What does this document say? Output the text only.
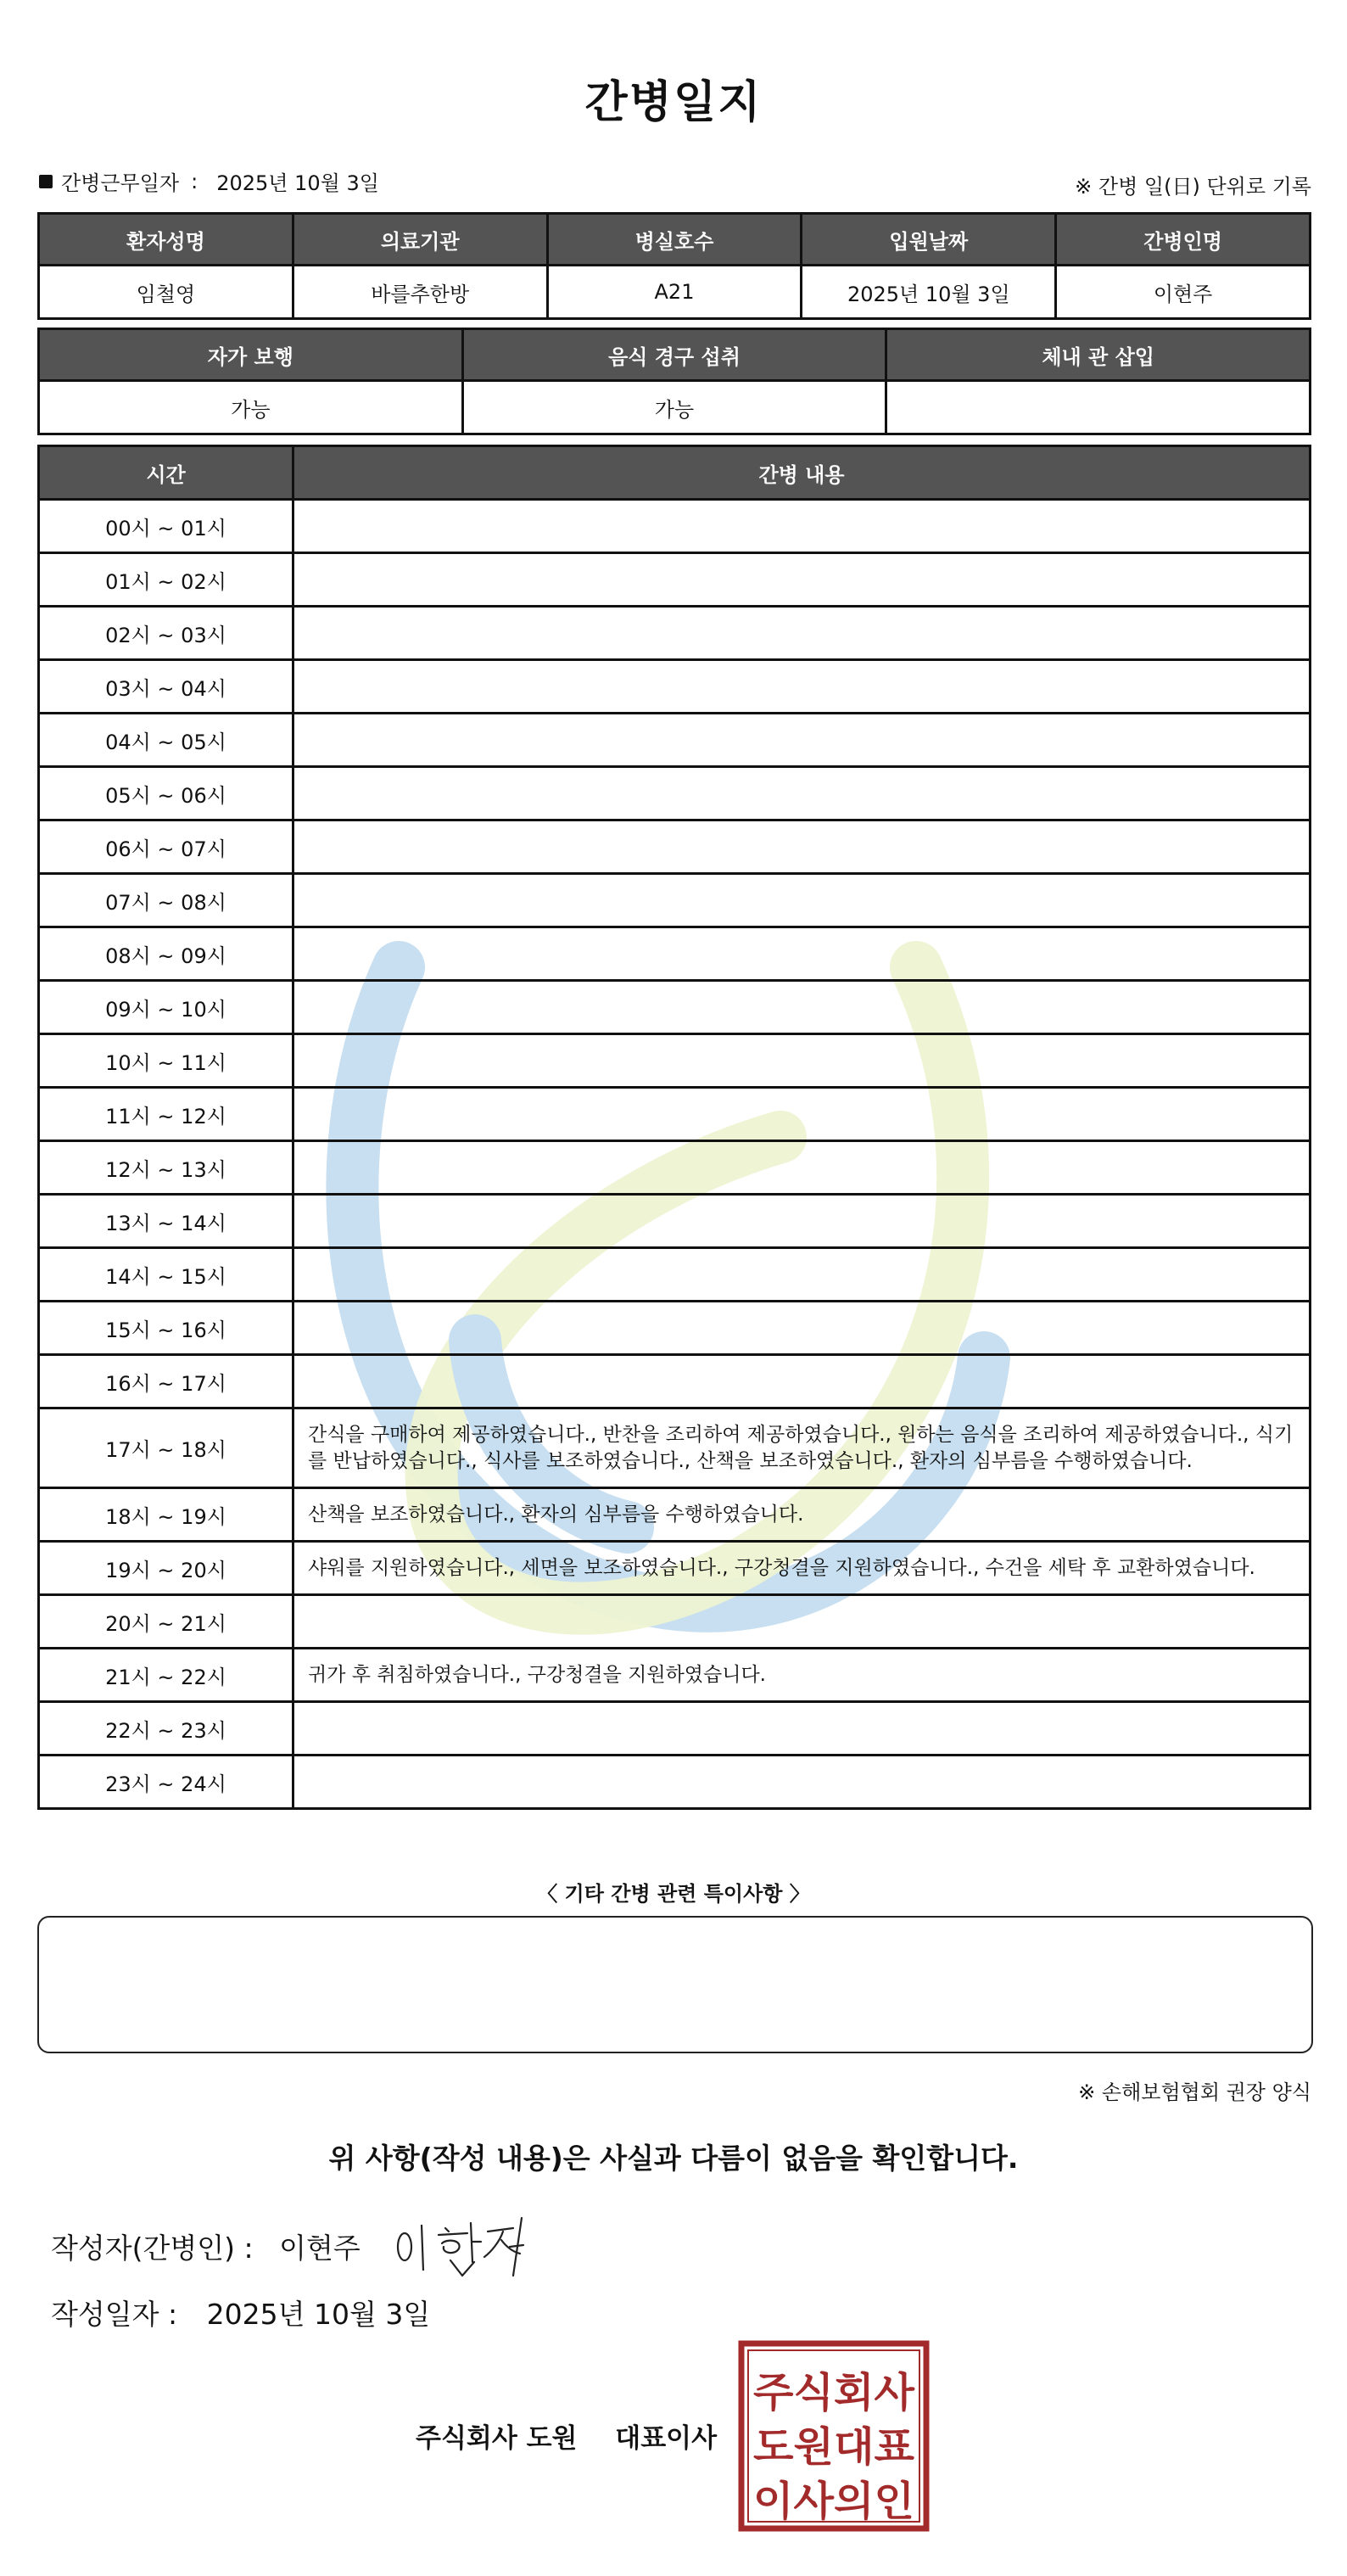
간병일지
간병근무일자 : 2025년 10월 3일	※ 간병 일(日) 단위로 기록
환자성명	의료기관	병실호수	입원날짜	간병인명
임철영	바를추한방	A21	2025년 10월 3일	이현주
자가 보행	음식 경구 섭취	체내 관 삽입
가능	가능	
시간	간병 내용
00시 ~ 01시	
01시 ~ 02시	
02시 ~ 03시	
03시 ~ 04시	
04시 ~ 05시	
05시 ~ 06시	
06시 ~ 07시	
07시 ~ 08시	
08시 ~ 09시	
09시 ~ 10시	
10시 ~ 11시	
11시 ~ 12시	
12시 ~ 13시	
13시 ~ 14시	
14시 ~ 15시	
15시 ~ 16시	
16시 ~ 17시	
17시 ~ 18시	간식을 구매하여 제공하였습니다., 반찬을 조리하여 제공하였습니다., 원하는 음식을 조리하여 제공하였습니다., 식기를 반납하였습니다., 식사를 보조하였습니다., 산책을 보조하였습니다., 환자의 심부름을 수행하였습니다.
18시 ~ 19시	산책을 보조하였습니다., 환자의 심부름을 수행하였습니다.
19시 ~ 20시	샤워를 지원하였습니다., 세면을 보조하였습니다., 구강청결을 지원하였습니다., 수건을 세탁 후 교환하였습니다.
20시 ~ 21시	
21시 ~ 22시	귀가 후 취침하였습니다., 구강청결을 지원하였습니다.
22시 ~ 23시	
23시 ~ 24시	
〈 기타 간병 관련 특이사항 〉
※ 손해보험협회 권장 양식
위 사항(작성 내용)은 사실과 다름이 없음을 확인합니다.
작성자(간병인) : 이현주
작성일자 : 2025년 10월 3일
주식회사 도원 대표이사
주식회사
도원대표
이사의인
